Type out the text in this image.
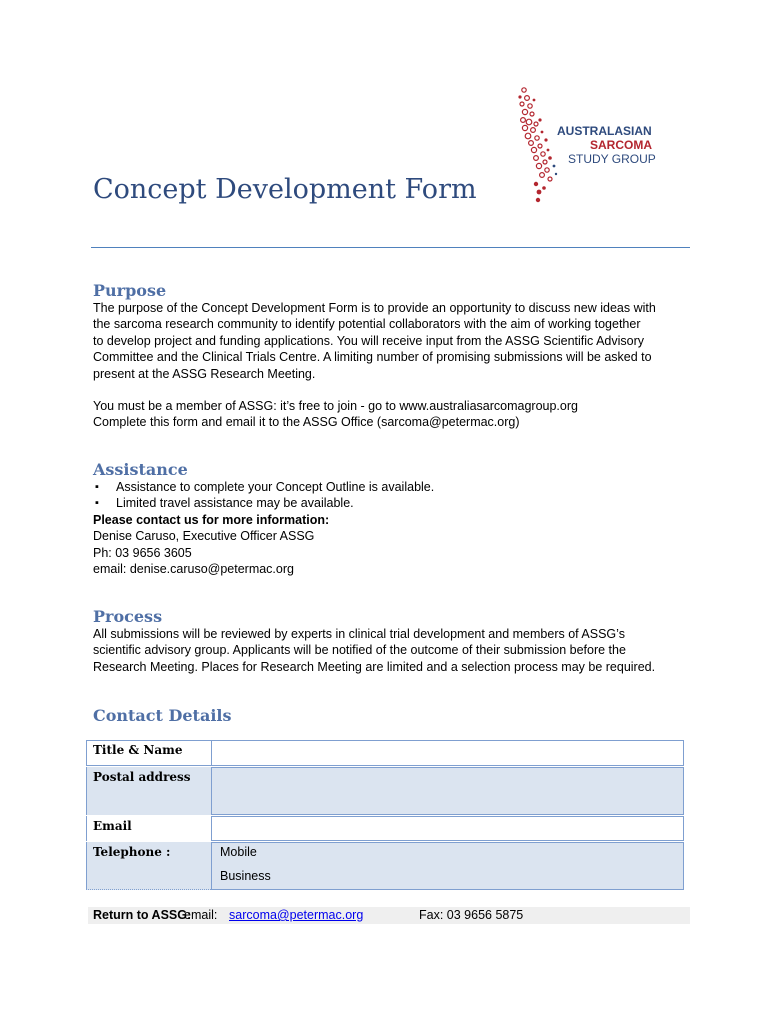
AUSTRALASIAN
SARCOMA
STUDY GROUP
Concept Development Form
Purpose
The purpose of the Concept Development Form is to provide an opportunity to discuss new ideas with
the sarcoma research community to identify potential collaborators with the aim of working together
to develop project and funding applications. You will receive input from the ASSG Scientific Advisory
Committee and the Clinical Trials Centre. A limiting number of promising submissions will be asked to
present at the ASSG Research Meeting.
You must be a member of ASSG: it’s free to join - go to www.australiasarcomagroup.org
Complete this form and email it to the ASSG Office (sarcoma@petermac.org)
Assistance
▪ Assistance to complete your Concept Outline is available.
▪ Limited travel assistance may be available.
Please contact us for more information:
Denise Caruso, Executive Officer ASSG
Ph: 03 9656 3605
email: denise.caruso@petermac.org
Process
All submissions will be reviewed by experts in clinical trial development and members of ASSG’s
scientific advisory group. Applicants will be notified of the outcome of their submission before the
Research Meeting. Places for Research Meeting are limited and a selection process may be required.
Contact Details
Title & Name
Postal address
Email
Telephone :	Mobile
Business
Return to ASSG:
email: sarcoma@petermac.org	Fax: 03 9656 5875
